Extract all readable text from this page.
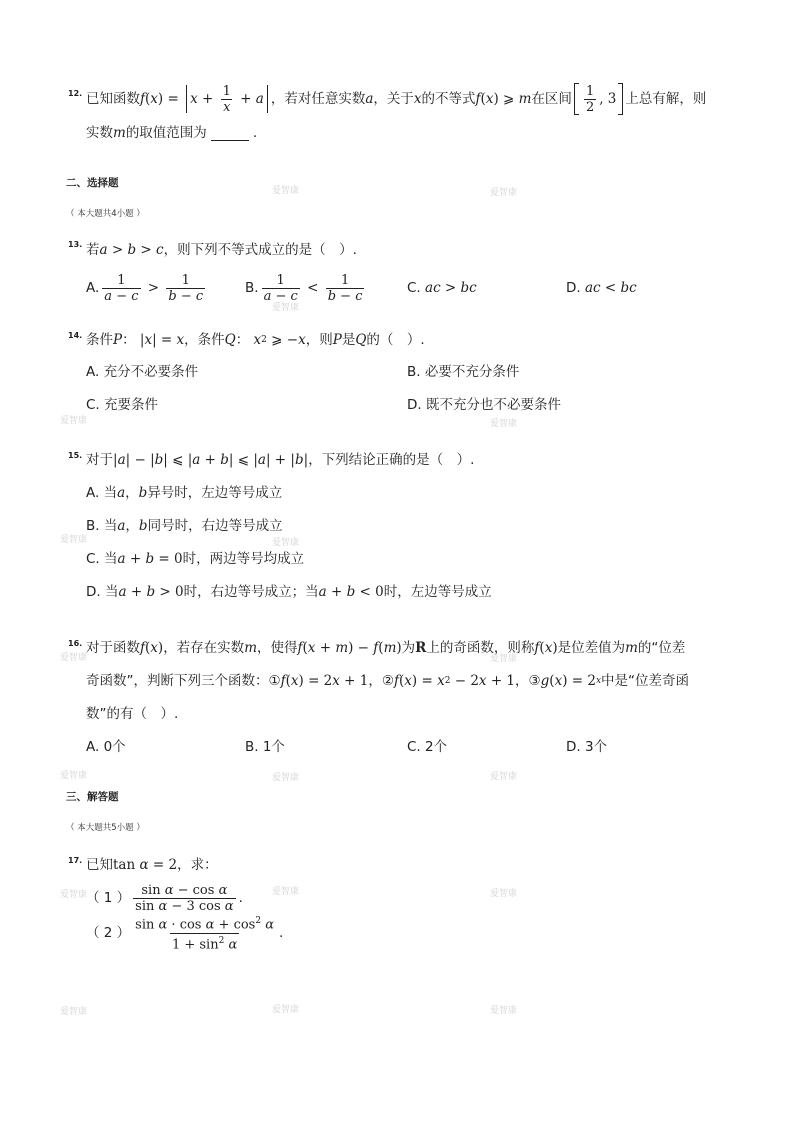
爱智康	爱智康
爱智康
爱智康	爱智康
爱智康	爱智康
爱智康	爱智康
爱智康	爱智康	爱智康
爱智康	爱智康	爱智康
爱智康	爱智康	爱智康
12. 已知函数 f ( x ) = $x + \frac{1}{x} + a$ ，若对任意实数 a ，关于 x 的不等式 f ( x ) ⩾ m 在区间 $\frac{1}{2}$ , 3 上总有解，则
实数 m 的取值范围为	.
二、选择题
（ 本大题共4小题 ）
13. 若 a > b > c ，则下列不等式成立的是（　）.
A. $\frac{1}{a - c} > \frac{1}{b - c}$	B. $\frac{1}{a - c} < \frac{1}{b - c}$	C.
ac > bc	D.
ac < bc
14. 条件 P ：
| x | = x ，条件 Q ：
x 2 ⩾ − x ，则 P 是 Q 的（　）.
A. 充分不必要条件	B. 必要不充分条件
C. 充要条件	D. 既不充分也不必要条件
15. 对于 | a | − | b | ⩽ | a + b | ⩽ | a | + | b | ，下列结论正确的是（　）.
A. 当 a ， b 异号时，左边等号成立
B. 当 a ， b 同号时，右边等号成立
C. 当 a + b = 0 时，两边等号均成立
D. 当 a + b > 0 时，右边等号成立；当 a + b < 0 时，左边等号成立
16. 对于函数 f ( x ) ，若存在实数 m ，使得 f ( x + m ) − f ( m ) 为 R 上的奇函数，则称 f ( x ) 是位差值为 m 的“位差
奇函数”，判断下列三个函数：① f ( x ) = 2 x + 1 ，② f ( x ) = x 2 − 2 x + 1 ，③ g ( x ) = 2 x 中是“位差奇函
数”的有（　）.
A. 0个	B. 1个	C. 2个	D. 3个
三、解答题
（ 本大题共5小题 ）
17. 已知 tan α = 2 ，求：
（ 1 ） $\frac{\text{sin α − cos α}}{\text{sin α − 3 cos α}}$ .
（ 2 ） $\frac{\sin \alpha \cdot \cos \alpha + \cos^2 \alpha}{1 + \sin^2 \alpha}$ .
